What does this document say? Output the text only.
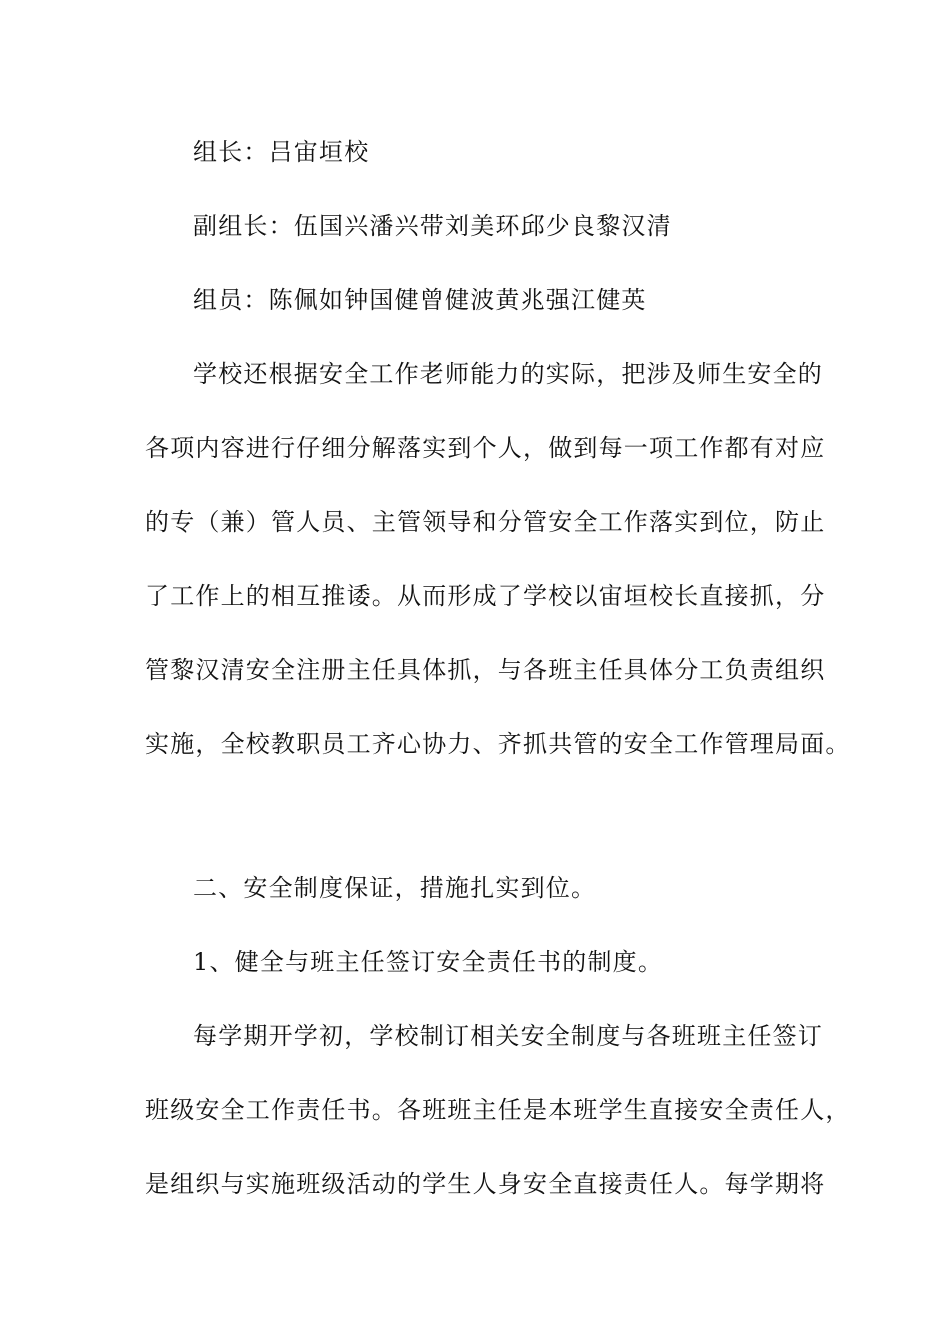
组长：吕宙垣校
副组长：伍国兴潘兴带刘美环邱少良黎汉清
组员：陈佩如钟国健曾健波黄兆强江健英
学校还根据安全工作老师能力的实际，把涉及师生安全的
各项内容进行仔细分解落实到个人，做到每一项工作都有对应
的专（兼）管人员、主管领导和分管安全工作落实到位，防止
了工作上的相互推诿。从而形成了学校以宙垣校长直接抓，分
管黎汉清安全注册主任具体抓，与各班主任具体分工负责组织
实施，全校教职员工齐心协力、齐抓共管的安全工作管理局面。
二、安全制度保证，措施扎实到位。
1、健全与班主任签订安全责任书的制度。
每学期开学初，学校制订相关安全制度与各班班主任签订
班级安全工作责任书。各班班主任是本班学生直接安全责任人，
是组织与实施班级活动的学生人身安全直接责任人。每学期将
